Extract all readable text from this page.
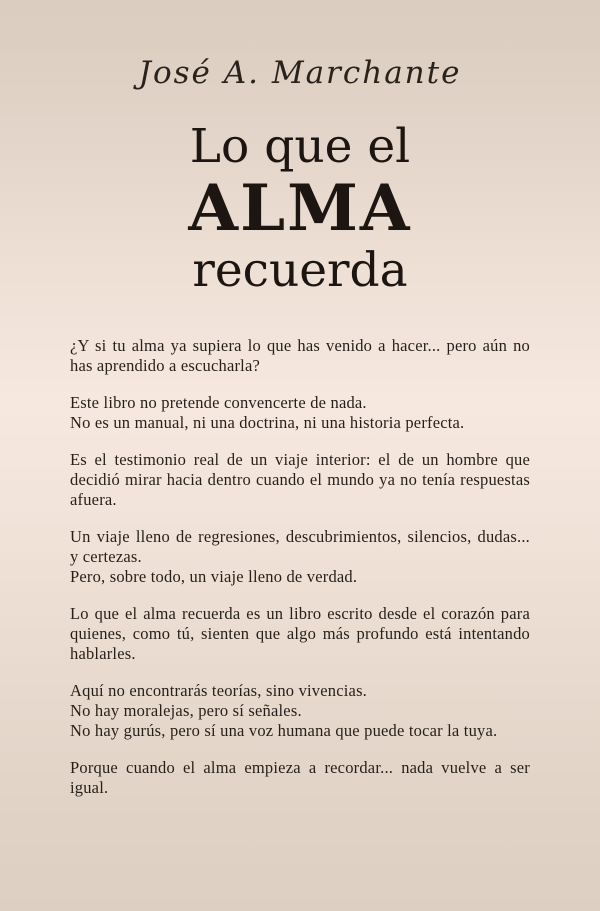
José A. Marchante
Lo que el
ALMA
recuerda
¿Y si tu alma ya supiera lo que has venido a hacer... pero aún no has aprendido a escucharla?
Este libro no pretende convencerte de nada.
No es un manual, ni una doctrina, ni una historia perfecta.
Es el testimonio real de un viaje interior: el de un hombre que decidió mirar hacia dentro cuando el mundo ya no tenía respuestas afuera.
Un viaje lleno de regresiones, descubrimientos, silencios, dudas... y certezas.
Pero, sobre todo, un viaje lleno de verdad.
Lo que el alma recuerda es un libro escrito desde el corazón para quienes, como tú, sienten que algo más profundo está intentando hablarles.
Aquí no encontrarás teorías, sino vivencias.
No hay moralejas, pero sí señales.
No hay gurús, pero sí una voz humana que puede tocar la tuya.
Porque cuando el alma empieza a recordar... nada vuelve a ser igual.
